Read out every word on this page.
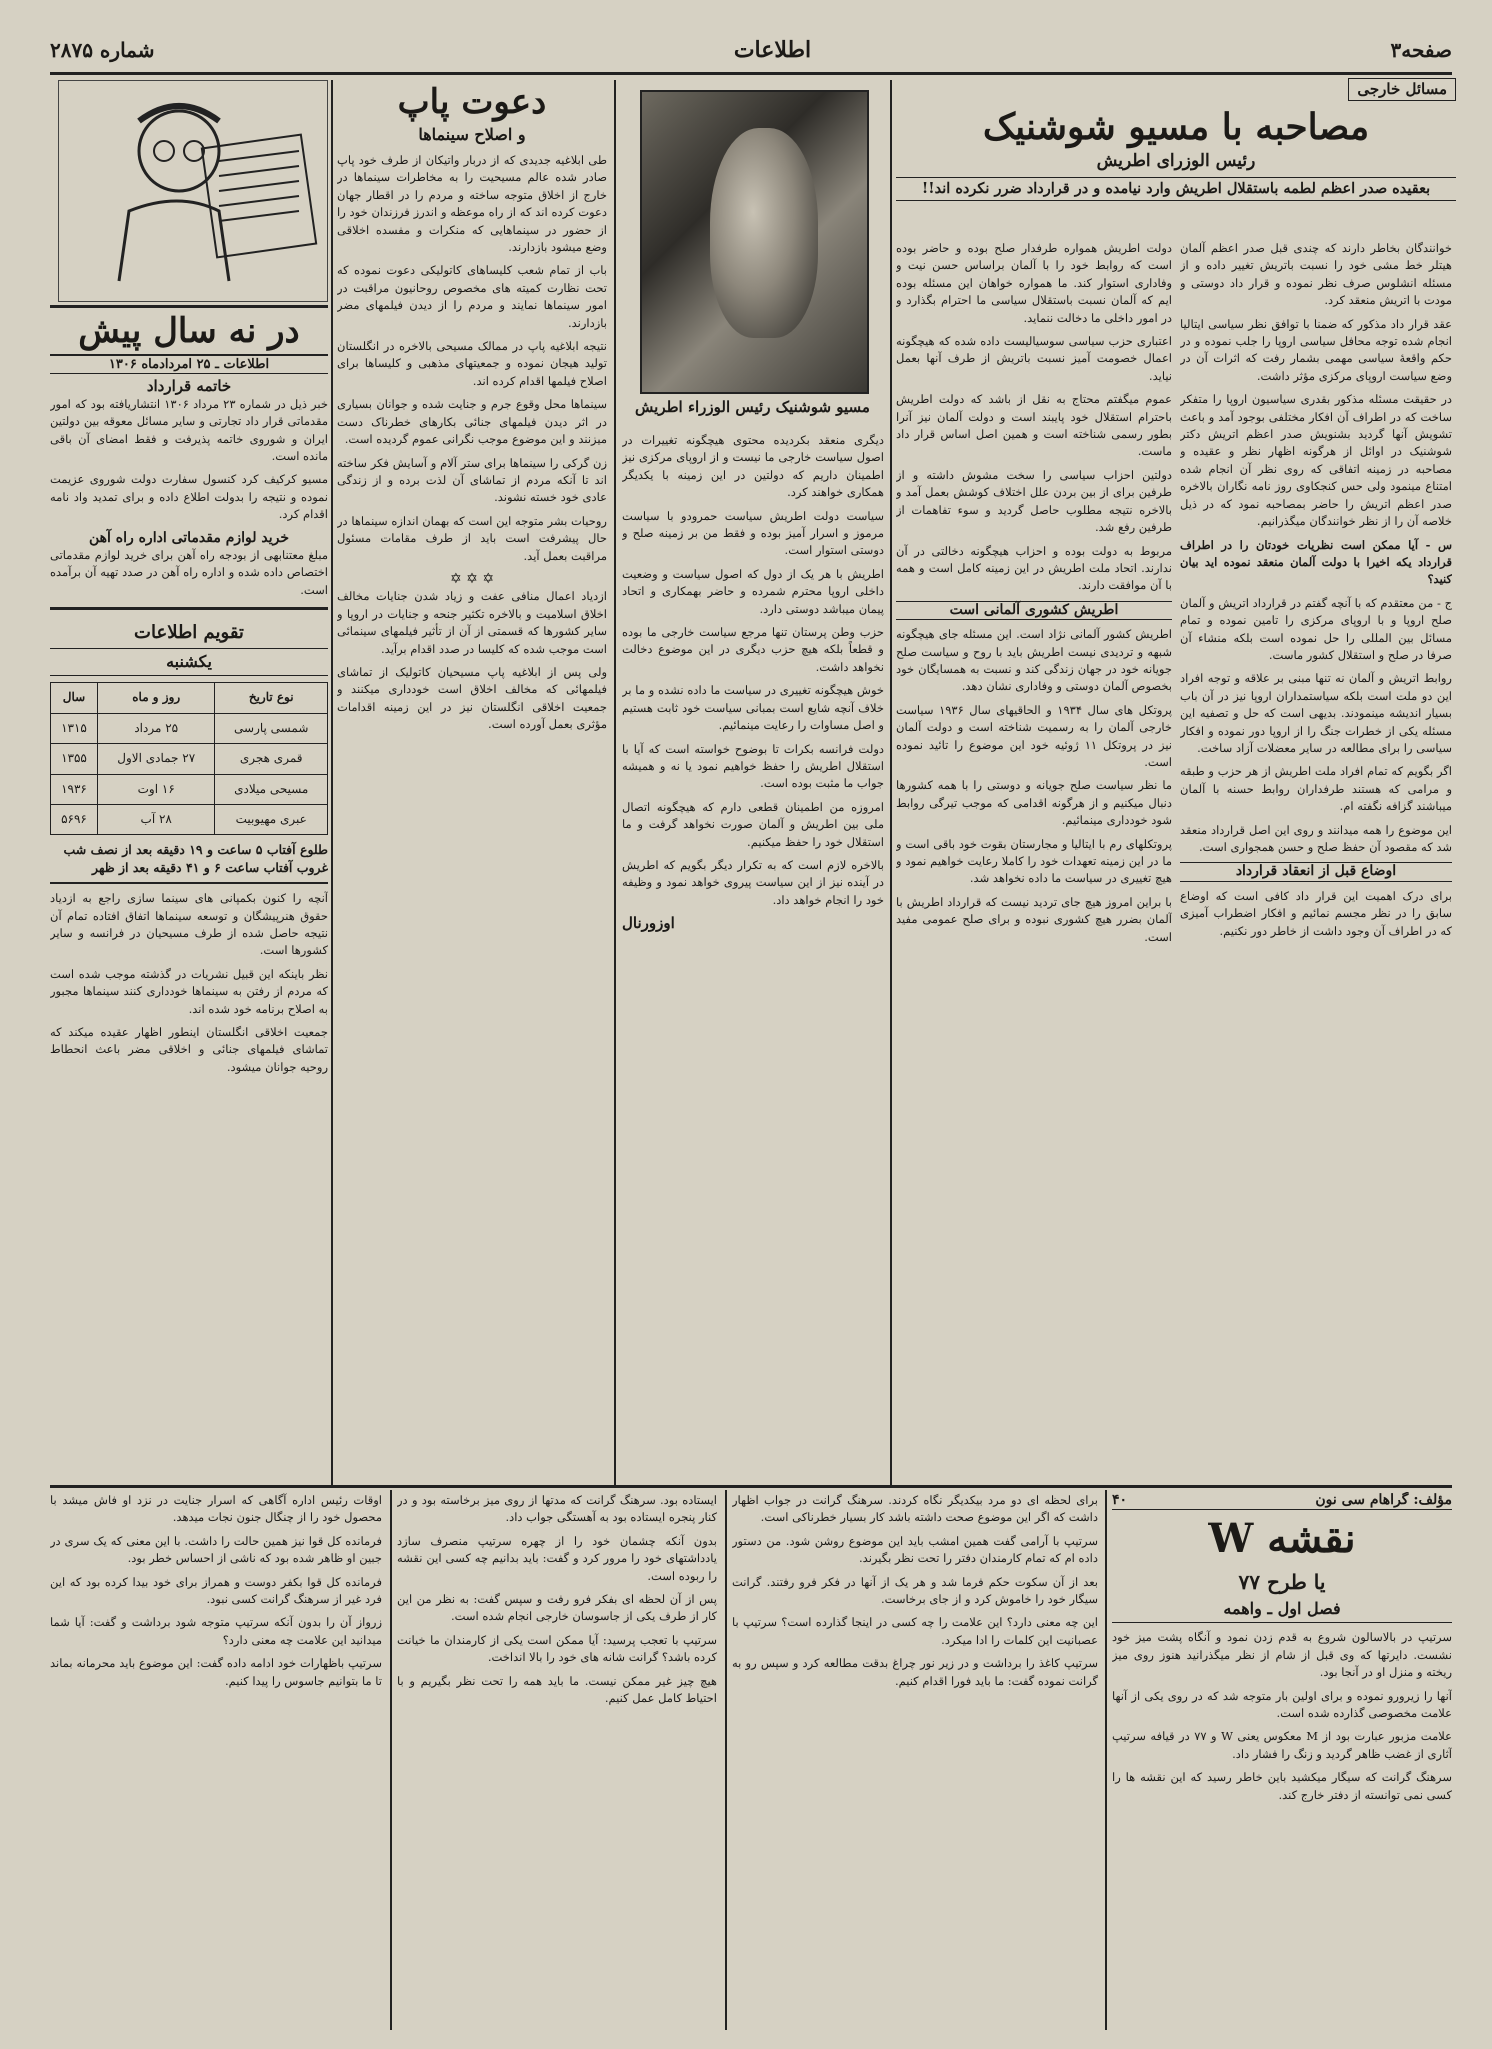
شماره ۲۸۷۵	اطلاعات	صفحه۳
مسائل خارجی
مصاحبه با مسیو شوشنیک
رئیس الوزرای اطریش
بعقیده صدر اعظم لطمه باستقلال اطریش وارد نیامده و در قرارداد ضرر نکرده اند!!

خوانندگان بخاطر دارند که چندی قبل صدر اعظم آلمان هیتلر خط مشی خود را نسبت باتریش تغییر داده و از مسئله انشلوس صرف نظر نموده و قرار داد دوستی و مودت با اتریش منعقد کرد.

عقد قرار داد مذکور که ضمنا با توافق نظر سیاسی ایتالیا انجام شده توجه محافل سیاسی اروپا را جلب نموده و در حکم واقعهٔ سیاسی مهمی بشمار رفت که اثرات آن در وضع سیاست اروپای مرکزی مؤثر داشت.

در حقیقت مسئله مذکور بقدری سیاسیون اروپا را متفکر ساخت که در اطراف آن افکار مختلفی بوجود آمد و باعث تشویش آنها گردید بشنویش صدر اعظم اتریش دکتر شوشنیک در اوائل از هرگونه اظهار نظر و عقیده و مصاحبه در زمینه اتفاقی که روی نظر آن انجام شده امتناع مینمود ولی حس کنجکاوی روز نامه نگاران بالاخره صدر اعظم اتریش را حاضر بمصاحبه نمود که در ذیل خلاصه آن را از نظر خوانندگان میگذرانیم.

س - آیا ممکن است نظریات خودتان را در اطراف قرارداد یکه اخیرا با دولت آلمان منعقد نموده اید بیان کنید؟

ج - من معتقدم که با آنچه گفتم در قرارداد اتریش و آلمان صلح اروپا و با اروپای مرکزی را تامین نموده و تمام مسائل بین المللی را حل نموده است بلکه منشاء آن صرفا در صلح و استقلال کشور ماست.

روابط اتریش و آلمان نه تنها مبنی بر علاقه و توجه افراد این دو ملت است بلکه سیاستمداران اروپا نیز در آن باب بسیار اندیشه مینمودند. بدیهی است که حل و تصفیه این مسئله یکی از خطرات جنگ را از اروپا دور نموده و افکار سیاسی را برای مطالعه در سایر معضلات آزاد ساخت.

اگر بگویم که تمام افراد ملت اطریش از هر حزب و طبقه و مرامی که هستند طرفداران روابط حسنه با آلمان میباشند گزافه نگفته ام.

این موضوع را همه میدانند و روی این اصل قرارداد منعقد شد که مقصود آن حفظ صلح و حسن همجواری است.

اوضاع قبل از انعقاد قرارداد

برای درک اهمیت این قرار داد کافی است که اوضاع سابق را در نظر مجسم نمائیم و افکار اضطراب آمیزی که در اطراف آن وجود داشت از خاطر دور نکنیم.

دولت اطریش همواره طرفدار صلح بوده و حاضر بوده است که روابط خود را با آلمان براساس حسن نیت و وفاداری استوار کند. ما همواره خواهان این مسئله بوده ایم که آلمان نسبت باستقلال سیاسی ما احترام بگذارد و در امور داخلی ما دخالت ننماید.

اعتباری حزب سیاسی سوسیالیست داده شده که هیچگونه اعمال خصومت آمیز نسبت باتریش از طرف آنها بعمل نیاید.

عموم میگفتم محتاج به نقل از باشد که دولت اطریش باحترام استقلال خود پایبند است و دولت آلمان نیز آنرا بطور رسمی شناخته است و همین اصل اساس قرار داد ماست.

دولتین احزاب سیاسی را سخت مشوش داشته و از طرفین برای از بین بردن علل اختلاف کوشش بعمل آمد و بالاخره نتیجه مطلوب حاصل گردید و سوء تفاهمات از طرفین رفع شد.

مربوط به دولت بوده و احزاب هیچگونه دخالتی در آن ندارند. اتحاد ملت اطریش در این زمینه کامل است و همه با آن موافقت دارند.

اطریش کشوری آلمانی است

اطریش کشور آلمانی نژاد است. این مسئله جای هیچگونه شبهه و تردیدی نیست اطریش باید با روح و سیاست صلح جویانه خود در جهان زندگی کند و نسبت به همسایگان خود بخصوص آلمان دوستی و وفاداری نشان دهد.

پروتکل های سال ۱۹۳۴ و الحاقیهای سال ۱۹۳۶ سیاست خارجی آلمان را به رسمیت شناخته است و دولت آلمان نیز در پروتکل ۱۱ ژوئیه خود این موضوع را تائید نموده است.

ما نظر سیاست صلح جویانه و دوستی را با همه کشورها دنبال میکنیم و از هرگونه اقدامی که موجب تیرگی روابط شود خودداری مینمائیم.

پروتکلهای رم با ایتالیا و مجارستان بقوت خود باقی است و ما در این زمینه تعهدات خود را کاملا رعایت خواهیم نمود و هیچ تغییری در سیاست ما داده نخواهد شد.

با براین امروز هیچ جای تردید نیست که قرارداد اطریش با آلمان بضرر هیچ کشوری نبوده و برای صلح عمومی مفید است.

مسیو شوشنیک رئیس الوزراء اطریش

دیگری منعقد بکردیده محتوی هیچگونه تغییرات در اصول سیاست خارجی ما نیست و از اروپای مرکزی نیز اطمینان داریم که دولتین در این زمینه با یکدیگر همکاری خواهند کرد.

سیاست دولت اطریش سیاست حمرودو با سیاست مرموز و اسرار آمیز بوده و فقط من بر زمینه صلح و دوستی استوار است.

اطریش با هر یک از دول که اصول سیاست و وضعیت داخلی اروپا محترم شمرده و حاضر بهمکاری و اتحاد پیمان میباشد دوستی دارد.

حزب وطن پرستان تنها مرجع سیاست خارجی ما بوده و قطعاً بلکه هیچ حزب دیگری در این موضوع دخالت نخواهد داشت.

خوش هیچگونه تغییری در سیاست ما داده نشده و ما بر خلاف آنچه شایع است بمبانی سیاست خود ثابت هستیم و اصل مساوات را رعایت مینمائیم.

دولت فرانسه بکرات تا بوضوح خواسته است که آیا با استقلال اطریش را حفظ خواهیم نمود یا نه و همیشه جواب ما مثبت بوده است.

امروزه من اطمینان قطعی دارم که هیچگونه اتصال ملی بین اطریش و آلمان صورت نخواهد گرفت و ما استقلال خود را حفظ میکنیم.

بالاخره لازم است که به تکرار دیگر بگویم که اطریش در آینده نیز از این سیاست پیروی خواهد نمود و وظیفه خود را انجام خواهد داد.

اوزورنال
دعوت پاپ
و اصلاح سینماها

طی ابلاغیه جدیدی که از دربار واتیکان از طرف خود پاپ صادر شده عالم مسیحیت را به مخاطرات سینماها در خارج از اخلاق متوجه ساخته و مردم را در اقطار جهان دعوت کرده اند که از راه موعظه و اندرز فرزندان خود را از حضور در سینماهایی که منکرات و مفسده اخلاقی وضع میشود بازدارند.

باب از تمام شعب کلیساهای کاتولیکی دعوت نموده که تحت نظارت کمیته های مخصوص روحانیون مراقبت در امور سینماها نمایند و مردم را از دیدن فیلمهای مضر بازدارند.

نتیجه ابلاغیه پاپ در ممالک مسیحی بالاخره در انگلستان تولید هیجان نموده و جمعیتهای مذهبی و کلیساها برای اصلاح فیلمها اقدام کرده اند.

سینماها محل وقوع جرم و جنایت شده و جوانان بسیاری در اثر دیدن فیلمهای جنائی بکارهای خطرناک دست میزنند و این موضوع موجب نگرانی عموم گردیده است.

زن گرکی را سینماها برای ستر آلام و آسایش فکر ساخته اند تا آنکه مردم از تماشای آن لذت برده و از زندگی عادی خود خسته نشوند.

روحیات بشر متوجه این است که بهمان اندازه سینماها در حال پیشرفت است باید از طرف مقامات مسئول مراقبت بعمل آید.

✡ ✡ ✡

ازدیاد اعمال منافی عفت و زیاد شدن جنایات مخالف اخلاق اسلامیت و بالاخره تکثیر جنحه و جنایات در اروپا و سایر کشورها که قسمتی از آن از تأثیر فیلمهای سینمائی است موجب شده که کلیسا در صدد اقدام برآید.

ولی پس از ابلاغیه پاپ مسیحیان کاتولیک از تماشای فیلمهائی که مخالف اخلاق است خودداری میکنند و جمعیت اخلاقی انگلستان نیز در این زمینه اقدامات مؤثری بعمل آورده است.

در نه سال پیش
اطلاعات ـ ۲۵ امردادماه ۱۳۰۶
خاتمه قرارداد

خبر ذیل در شماره ۲۳ مرداد ۱۳۰۶ انتشاریافته بود که امور مقدماتی قرار داد تجارتی و سایر مسائل معوقه بین دولتین ایران و شوروی خاتمه پذیرفت و فقط امضای آن باقی مانده است.

مسیو کرکیف کرد کنسول سفارت دولت شوروی عزیمت نموده و نتیجه را بدولت اطلاع داده و برای تمدید واد نامه اقدام کرد.

خرید لوازم مقدماتی اداره راه آهن

مبلغ معتنابهی از بودجه راه آهن برای خرید لوازم مقدماتی اختصاص داده شده و اداره راه آهن در صدد تهیه آن برآمده است.

تقویم اطلاعات
یکشنبه
نوع تاریخ	روز و ماه	سال
شمسی پارسی	۲۵ مرداد	۱۳۱۵
قمری هجری	۲۷ جمادی الاول	۱۳۵۵
مسیحی میلادی	۱۶ اوت	۱۹۳۶
عبری مهیوبیت	۲۸ آب	۵۶۹۶
طلوع آفتاب ۵ ساعت و ۱۹ دقیقه بعد از نصف شب
غروب آفتاب ساعت ۶ و ۴۱ دقیقه بعد از ظهر

آنچه را کنون بکمپانی های سینما سازی راجع به ازدیاد حقوق هنرپیشگان و توسعه سینماها اتفاق افتاده تمام آن نتیجه حاصل شده از طرف مسیحیان در فرانسه و سایر کشورها است.

نظر باینکه این قبیل نشریات در گذشته موجب شده است که مردم از رفتن به سینماها خودداری کنند سینماها مجبور به اصلاح برنامه خود شده اند.

جمعیت اخلاقی انگلستان اینطور اظهار عقیده میکند که تماشای فیلمهای جنائی و اخلاقی مضر باعث انحطاط روحیه جوانان میشود.

مؤلف: گراهام سی نون
۴۰
نقشه W
یا طرح ۷۷
فصل اول ـ واهمه

سرتیپ در بالاسالون شروع به قدم زدن نمود و آنگاه پشت میز خود نشست. دایرتها که وی قبل از شام از نظر میگذرانید هنوز روی میز ریخته و منزل او در آنجا بود.

آنها را زیرورو نموده و برای اولین بار متوجه شد که در روی یکی از آنها علامت مخصوصی گذارده شده است.

علامت مزبور عبارت بود از M معکوس یعنی W و ۷۷ در قیافه سرتیپ آثاری از غضب ظاهر گردید و زنگ را فشار داد.

سرهنگ گرانت که سیگار میکشید باین خاطر رسید که این نقشه ها را کسی نمی توانسته از دفتر خارج کند.

برای لحظه ای دو مرد بیکدیگر نگاه کردند. سرهنگ گرانت در جواب اظهار داشت که اگر این موضوع صحت داشته باشد کار بسیار خطرناکی است.

سرتیپ با آرامی گفت همین امشب باید این موضوع روشن شود. من دستور داده ام که تمام کارمندان دفتر را تحت نظر بگیرند.

بعد از آن سکوت حکم فرما شد و هر یک از آنها در فکر فرو رفتند. گرانت سیگار خود را خاموش کرد و از جای برخاست.

این چه معنی دارد؟ این علامت را چه کسی در اینجا گذارده است؟ سرتیپ با عصبانیت این کلمات را ادا میکرد.

سرتیپ کاغذ را برداشت و در زیر نور چراغ بدقت مطالعه کرد و سپس رو به گرانت نموده گفت: ما باید فورا اقدام کنیم.

ایستاده بود. سرهنگ گرانت که مدتها از روی میز برخاسته بود و در کنار پنجره ایستاده بود به آهستگی جواب داد.

بدون آنکه چشمان خود را از چهره سرتیپ منصرف سازد یادداشتهای خود را مرور کرد و گفت: باید بدانیم چه کسی این نقشه را ربوده است.

پس از آن لحظه ای بفکر فرو رفت و سپس گفت: به نظر من این کار از طرف یکی از جاسوسان خارجی انجام شده است.

سرتیپ با تعجب پرسید: آیا ممکن است یکی از کارمندان ما خیانت کرده باشد؟ گرانت شانه های خود را بالا انداخت.

هیچ چیز غیر ممکن نیست. ما باید همه را تحت نظر بگیریم و با احتیاط کامل عمل کنیم.

اوقات رئیس اداره آگاهی که اسرار جنایت در نزد او فاش میشد با محصول خود را از چنگال جنون نجات میدهد.

فرمانده کل قوا نیز همین حالت را داشت. با این معنی که یک سری در جبین او ظاهر شده بود که ناشی از احساس خطر بود.

فرمانده کل قوا بکفر دوست و همراز برای خود بیدا کرده بود که این فرد غیر از سرهنگ گرانت کسی نبود.

زرواز آن را بدون آنکه سرتیپ متوجه شود برداشت و گفت: آیا شما میدانید این علامت چه معنی دارد؟

سرتیپ باظهارات خود ادامه داده گفت: این موضوع باید محرمانه بماند تا ما بتوانیم جاسوس را پیدا کنیم.
